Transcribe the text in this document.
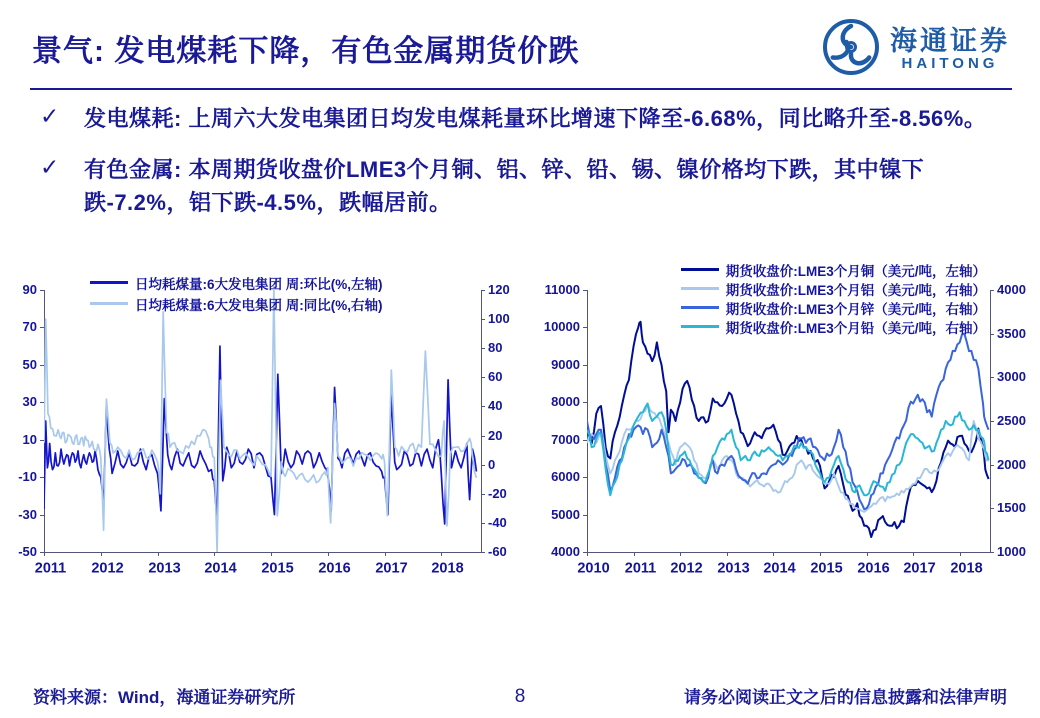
景气: 发电煤耗下降，有色金属期货价跌	海通证券
HAITONG
✓	发电煤耗: 上周六大发电集团日均发电煤耗量环比增速下降至-6.68%，同比略升至-8.56%。
✓	有色金属: 本周期货收盘价LME3个月铜、铝、锌、铅、锡、镍价格均下跌，其中镍下跌-7.2%，铝下跌-4.5%，跌幅居前。
日均耗煤量:6大发电集团 周:环比(%,左轴)
日均耗煤量:6大发电集团 周:同比(%,右轴)
期货收盘价:LME3个月铜（美元/吨，左轴）
期货收盘价:LME3个月铝（美元/吨，右轴）
期货收盘价:LME3个月锌（美元/吨，右轴）
期货收盘价:LME3个月铅（美元/吨，右轴）
资料来源：Wind，海通证券研究所	8	请务必阅读正文之后的信息披露和法律声明
